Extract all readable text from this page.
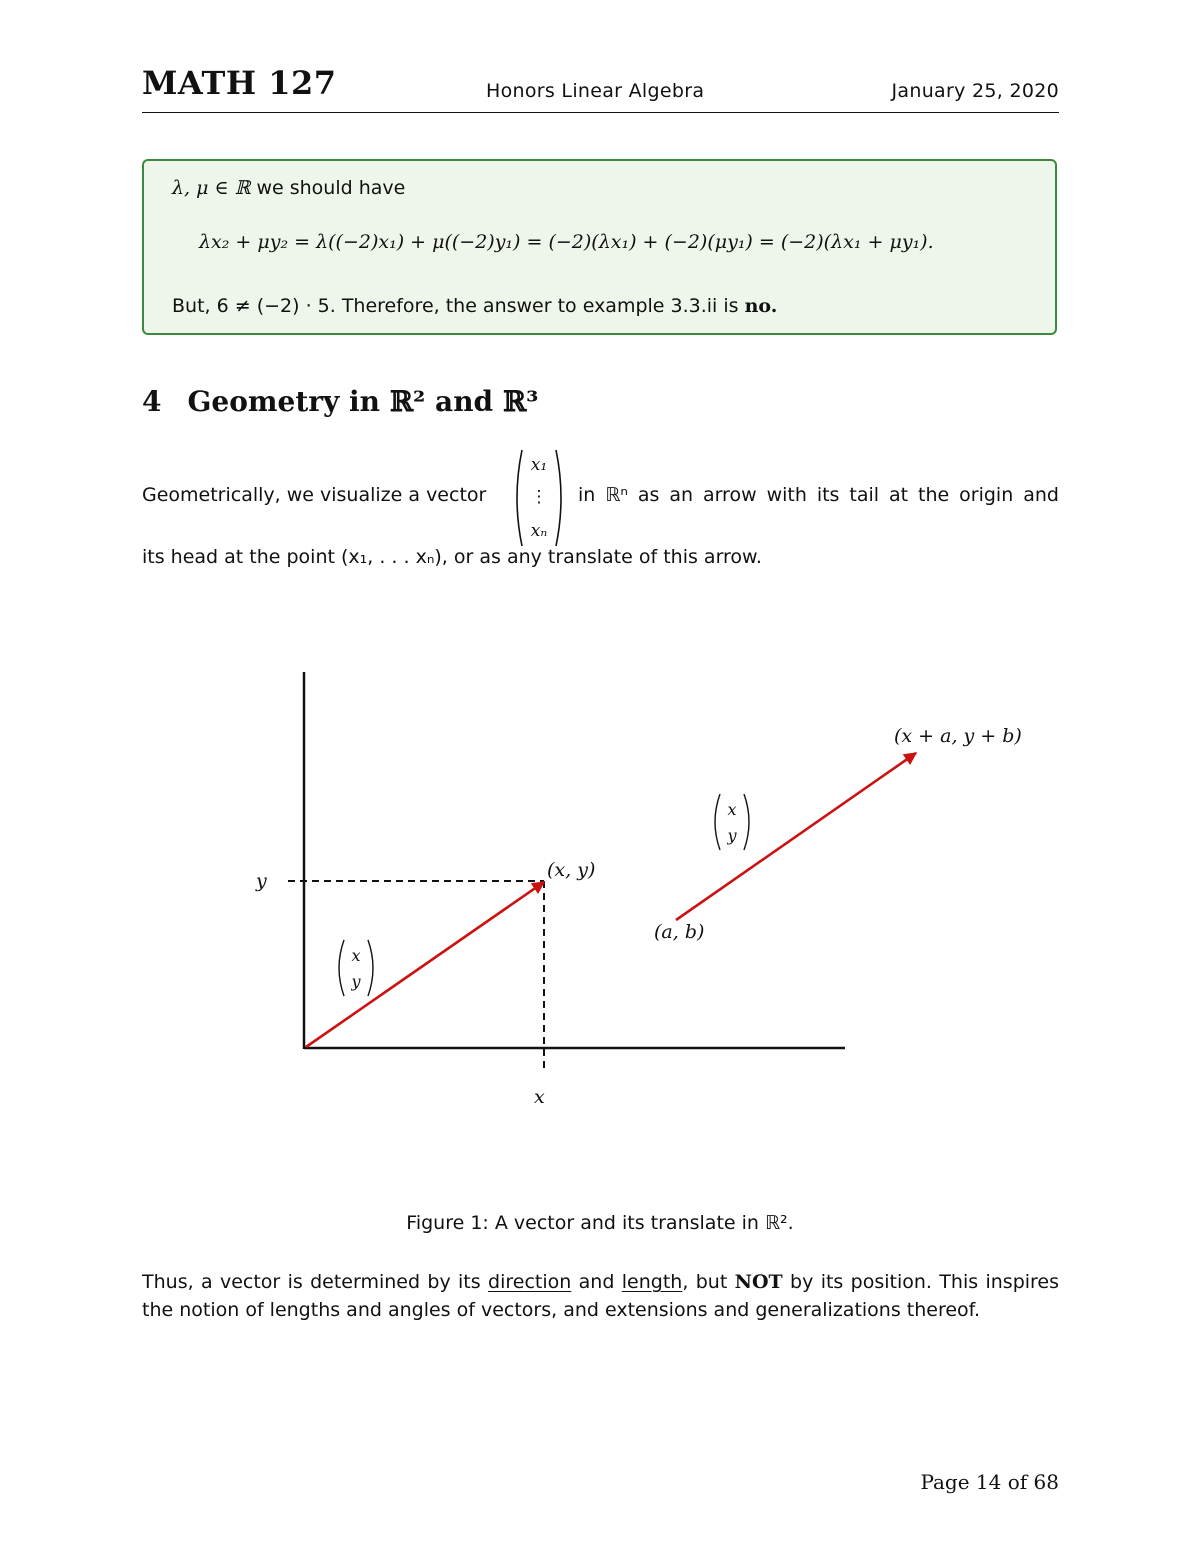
MATH 127	Honors Linear Algebra	January 25, 2020
λ, μ ∈ ℝ we should have
λx₂ + μy₂ = λ((−2)x₁) + μ((−2)y₁) = (−2)(λx₁) + (−2)(μy₁) = (−2)(λx₁ + μy₁).
But, 6 ≠ (−2) · 5. Therefore, the answer to example 3.3.ii is no.
4 Geometry in ℝ² and ℝ³
Geometrically, we visualize a vector
x₁
⋮
xₙ
in ℝⁿ as an arrow with its tail at the origin and
its head at the point (x₁, . . . xₙ), or as any translate of this arrow.
y
x
(x, y)
(a, b)
(x + a, y + b)
x
y
x
y
Figure 1: A vector and its translate in ℝ².
Thus, a vector is determined by its direction and length, but NOT by its position. This inspires the notion of lengths and angles of vectors, and extensions and generalizations thereof.
Page 14 of 68
